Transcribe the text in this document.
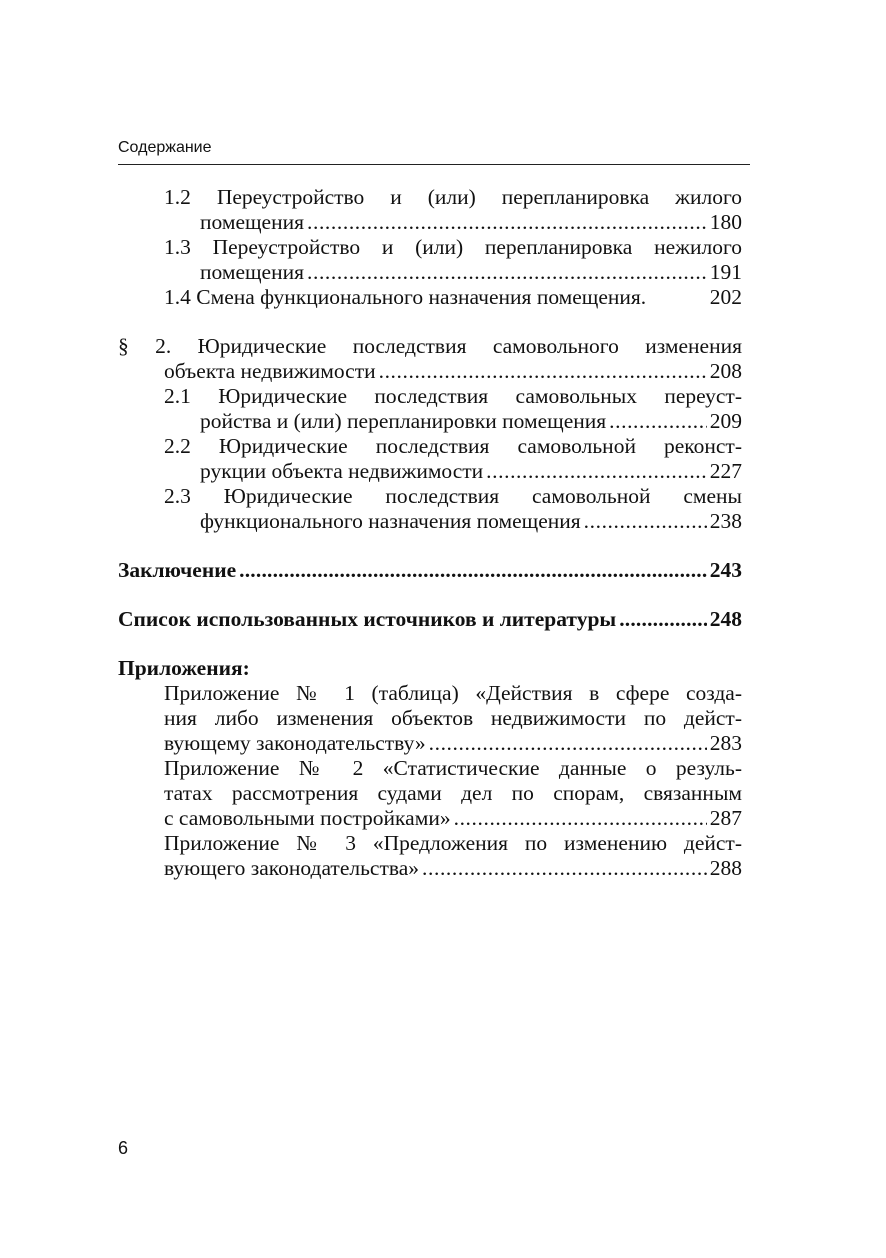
Содержание
1.2 Переустройство и (или) перепланировка жилого
помещения .....	180
1.3 Переустройство и (или) перепланировка нежилого
помещения .....	191
1.4 Смена функционального назначения помещения.	202
§ 2. Юридические последствия самовольного изменения
объекта недвижимости .....	208
2.1 Юридические последствия самовольных переуст-
ройства и (или) перепланировки помещения .....	209
2.2 Юридические последствия самовольной реконст-
рукции объекта недвижимости .....	227
2.3 Юридические последствия самовольной смены
функционального назначения помещения .....	238
Заключение .....	243
Список использованных источников и литературы .....	248
Приложения:
Приложение № 1 (таблица) «Действия в сфере созда-
ния либо изменения объектов недвижимости по дейст-
вующему законодательству» .....	283
Приложение № 2 «Статистические данные о резуль-
татах рассмотрения судами дел по спорам, связанным
с самовольными постройками» .....	287
Приложение № 3 «Предложения по изменению дейст-
вующего законодательства» .....	288
6
